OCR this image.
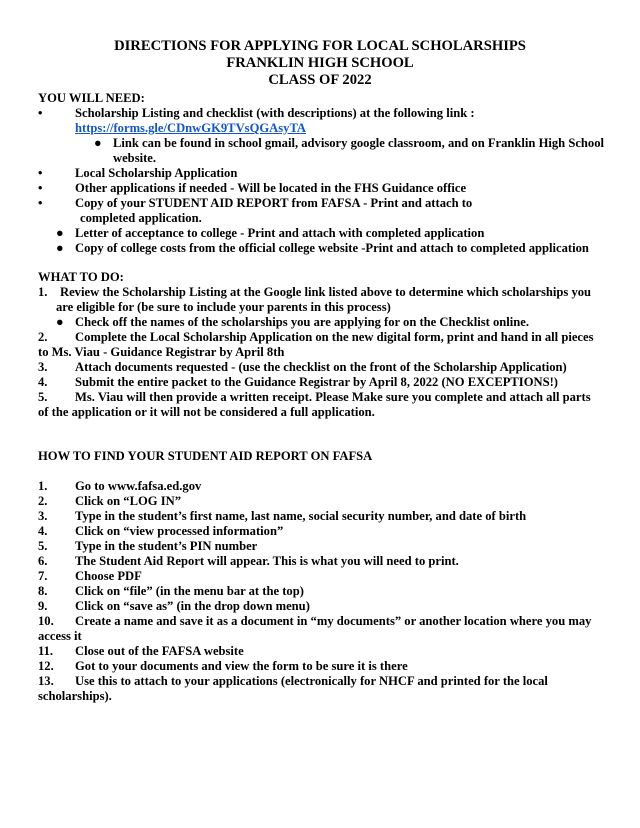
DIRECTIONS FOR APPLYING FOR LOCAL SCHOLARSHIPS
FRANKLIN HIGH SCHOOL
CLASS OF 2022
YOU WILL NEED:
•	Scholarship Listing and checklist (with descriptions) at the following link :
https://forms.gle/CDnwGK9TVsQGAsyTA
● Link can be found in school gmail, advisory google classroom, and on Franklin High School
website.
•	Local Scholarship Application
•	Other applications if needed - Will be located in the FHS Guidance office
•	Copy of your STUDENT AID REPORT from FAFSA - Print and attach to
completed application.
● Letter of acceptance to college - Print and attach with completed application
● Copy of college costs from the official college website -Print and attach to completed application
WHAT TO DO:
1. Review the Scholarship Listing at the Google link listed above to determine which scholarships you
are eligible for (be sure to include your parents in this process)
● Check off the names of the scholarships you are applying for on the Checklist online.
2. Complete the Local Scholarship Application on the new digital form, print and hand in all pieces
to Ms. Viau - Guidance Registrar by April 8th
3. Attach documents requested - (use the checklist on the front of the Scholarship Application)
4. Submit the entire packet to the Guidance Registrar by April 8, 2022 (NO EXCEPTIONS!)
5. Ms. Viau will then provide a written receipt. Please Make sure you complete and attach all parts
of the application or it will not be considered a full application.
HOW TO FIND YOUR STUDENT AID REPORT ON FAFSA
1. Go to www.fafsa.ed.gov
2. Click on “LOG IN”
3. Type in the student’s first name, last name, social security number, and date of birth
4. Click on “view processed information”
5. Type in the student’s PIN number
6. The Student Aid Report will appear. This is what you will need to print.
7. Choose PDF
8. Click on “file” (in the menu bar at the top)
9. Click on “save as” (in the drop down menu)
10. Create a name and save it as a document in “my documents” or another location where you may
access it
11. Close out of the FAFSA website
12. Got to your documents and view the form to be sure it is there
13. Use this to attach to your applications (electronically for NHCF and printed for the local
scholarships).
